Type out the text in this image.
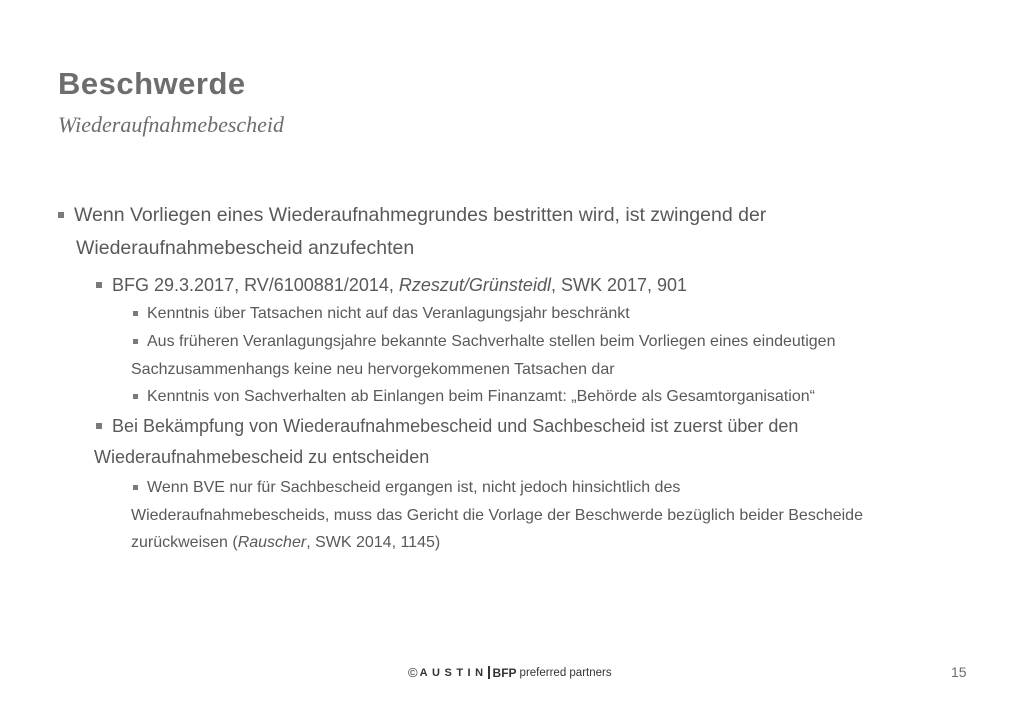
Beschwerde
Wiederaufnahmebescheid
Wenn Vorliegen eines Wiederaufnahmegrundes bestritten wird, ist zwingend der
Wiederaufnahmebescheid anzufechten
BFG 29.3.2017, RV/6100881/2014, Rzeszut/Grünsteidl, SWK 2017, 901
Kenntnis über Tatsachen nicht auf das Veranlagungsjahr beschränkt
Aus früheren Veranlagungsjahre bekannte Sachverhalte stellen beim Vorliegen eines eindeutigen
Sachzusammenhangs keine neu hervorgekommenen Tatsachen dar
Kenntnis von Sachverhalten ab Einlangen beim Finanzamt: „Behörde als Gesamtorganisation“
Bei Bekämpfung von Wiederaufnahmebescheid und Sachbescheid ist zuerst über den
Wiederaufnahmebescheid zu entscheiden
Wenn BVE nur für Sachbescheid ergangen ist, nicht jedoch hinsichtlich des
Wiederaufnahmebescheids, muss das Gericht die Vorlage der Beschwerde bezüglich beider Bescheide
zurückweisen (Rauscher, SWK 2014, 1145)
© AUSTIN BFP preferred partners	15
